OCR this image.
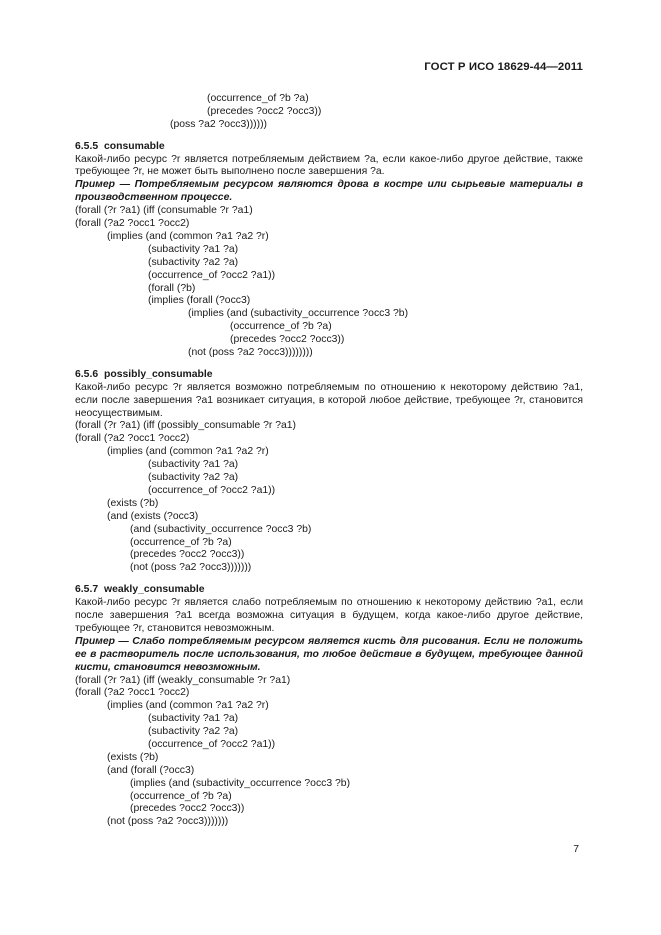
ГОСТ Р ИСО 18629-44—2011
(occurrence_of ?b ?a)
(precedes ?occ2 ?occ3))
(poss ?a2 ?occ3))))))
6.5.5 consumable
Какой-либо ресурс ?r является потребляемым действием ?a, если какое-либо другое действие, также требующее ?r, не может быть выполнено после завершения ?a.
Пример — Потребляемым ресурсом являются дрова в костре или сырьевые материалы в производственном процессе.
(forall (?r ?a1) (iff (consumable ?r ?a1)
(forall (?a2 ?occ1 ?occ2)
(implies (and (common ?a1 ?a2 ?r)
(subactivity ?a1 ?a)
(subactivity ?a2 ?a)
(occurrence_of ?occ2 ?a1))
(forall (?b)
(implies (forall (?occ3)
(implies (and (subactivity_occurrence ?occ3 ?b)
(occurrence_of ?b ?a)
(precedes ?occ2 ?occ3))
(not (poss ?a2 ?occ3))))))))
6.5.6 possibly_consumable
Какой-либо ресурс ?r является возможно потребляемым по отношению к некоторому действию ?a1, если после завершения ?a1 возникает ситуация, в которой любое действие, требующее ?r, становится неосуществимым.
(forall (?r ?a1) (iff (possibly_consumable ?r ?a1)
(forall (?a2 ?occ1 ?occ2)
(implies (and (common ?a1 ?a2 ?r)
(subactivity ?a1 ?a)
(subactivity ?a2 ?a)
(occurrence_of ?occ2 ?a1))
(exists (?b)
(and (exists (?occ3)
(and (subactivity_occurrence ?occ3 ?b)
(occurrence_of ?b ?a)
(precedes ?occ2 ?occ3))
(not (poss ?a2 ?occ3)))))))
6.5.7 weakly_consumable
Какой-либо ресурс ?r является слабо потребляемым по отношению к некоторому действию ?a1, если после завершения ?a1 всегда возможна ситуация в будущем, когда какое-либо другое действие, требующее ?r, становится невозможным.
Пример — Слабо потребляемым ресурсом является кисть для рисования. Если не положить ее в растворитель после использования, то любое действие в будущем, требующее данной кисти, становится невозможным.
(forall (?r ?a1) (iff (weakly_consumable ?r ?a1)
(forall (?a2 ?occ1 ?occ2)
(implies (and (common ?a1 ?a2 ?r)
(subactivity ?a1 ?a)
(subactivity ?a2 ?a)
(occurrence_of ?occ2 ?a1))
(exists (?b)
(and (forall (?occ3)
(implies (and (subactivity_occurrence ?occ3 ?b)
(occurrence_of ?b ?a)
(precedes ?occ2 ?occ3))
(not (poss ?a2 ?occ3)))))))
7
